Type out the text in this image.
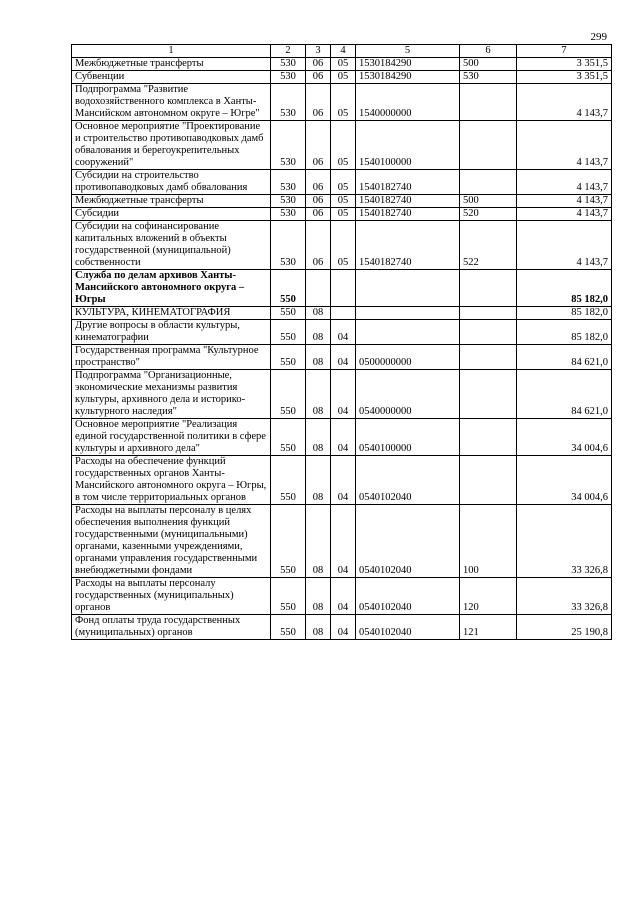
299
1	2	3	4	5	6	7
Межбюджетные трансферты	530	06	05	1530184290	500	3 351,5
Субвенции	530	06	05	1530184290	530	3 351,5
Подпрограмма "Развитие водохозяйственного комплекса в Ханты-Мансийском автономном округе – Югре"	530	06	05	1540000000		4 143,7
Основное мероприятие "Проектирование и строительство противопаводковых дамб обвалования и берегоукрепительных сооружений"	530	06	05	1540100000		4 143,7
Субсидии на строительство противопаводковых дамб обвалования	530	06	05	1540182740		4 143,7
Межбюджетные трансферты	530	06	05	1540182740	500	4 143,7
Субсидии	530	06	05	1540182740	520	4 143,7
Субсидии на софинансирование капитальных вложений в объекты государственной (муниципальной) собственности	530	06	05	1540182740	522	4 143,7
Служба по делам архивов Ханты-Мансийского автономного округа – Югры	550					85 182,0
КУЛЬТУРА, КИНЕМАТОГРАФИЯ	550	08				85 182,0
Другие вопросы в области культуры, кинематографии	550	08	04			85 182,0
Государственная программа "Культурное пространство"	550	08	04	0500000000		84 621,0
Подпрограмма "Организационные, экономические механизмы развития культуры, архивного дела и историко-культурного наследия"	550	08	04	0540000000		84 621,0
Основное мероприятие "Реализация единой государственной политики в сфере культуры и архивного дела"	550	08	04	0540100000		34 004,6
Расходы на обеспечение функций государственных органов Ханты-Мансийского автономного округа – Югры, в том числе территориальных органов	550	08	04	0540102040		34 004,6
Расходы на выплаты персоналу в целях обеспечения выполнения функций государственными (муниципальными) органами, казенными учреждениями, органами управления государственными внебюджетными фондами	550	08	04	0540102040	100	33 326,8
Расходы на выплаты персоналу государственных (муниципальных) органов	550	08	04	0540102040	120	33 326,8
Фонд оплаты труда государственных (муниципальных) органов	550	08	04	0540102040	121	25 190,8
